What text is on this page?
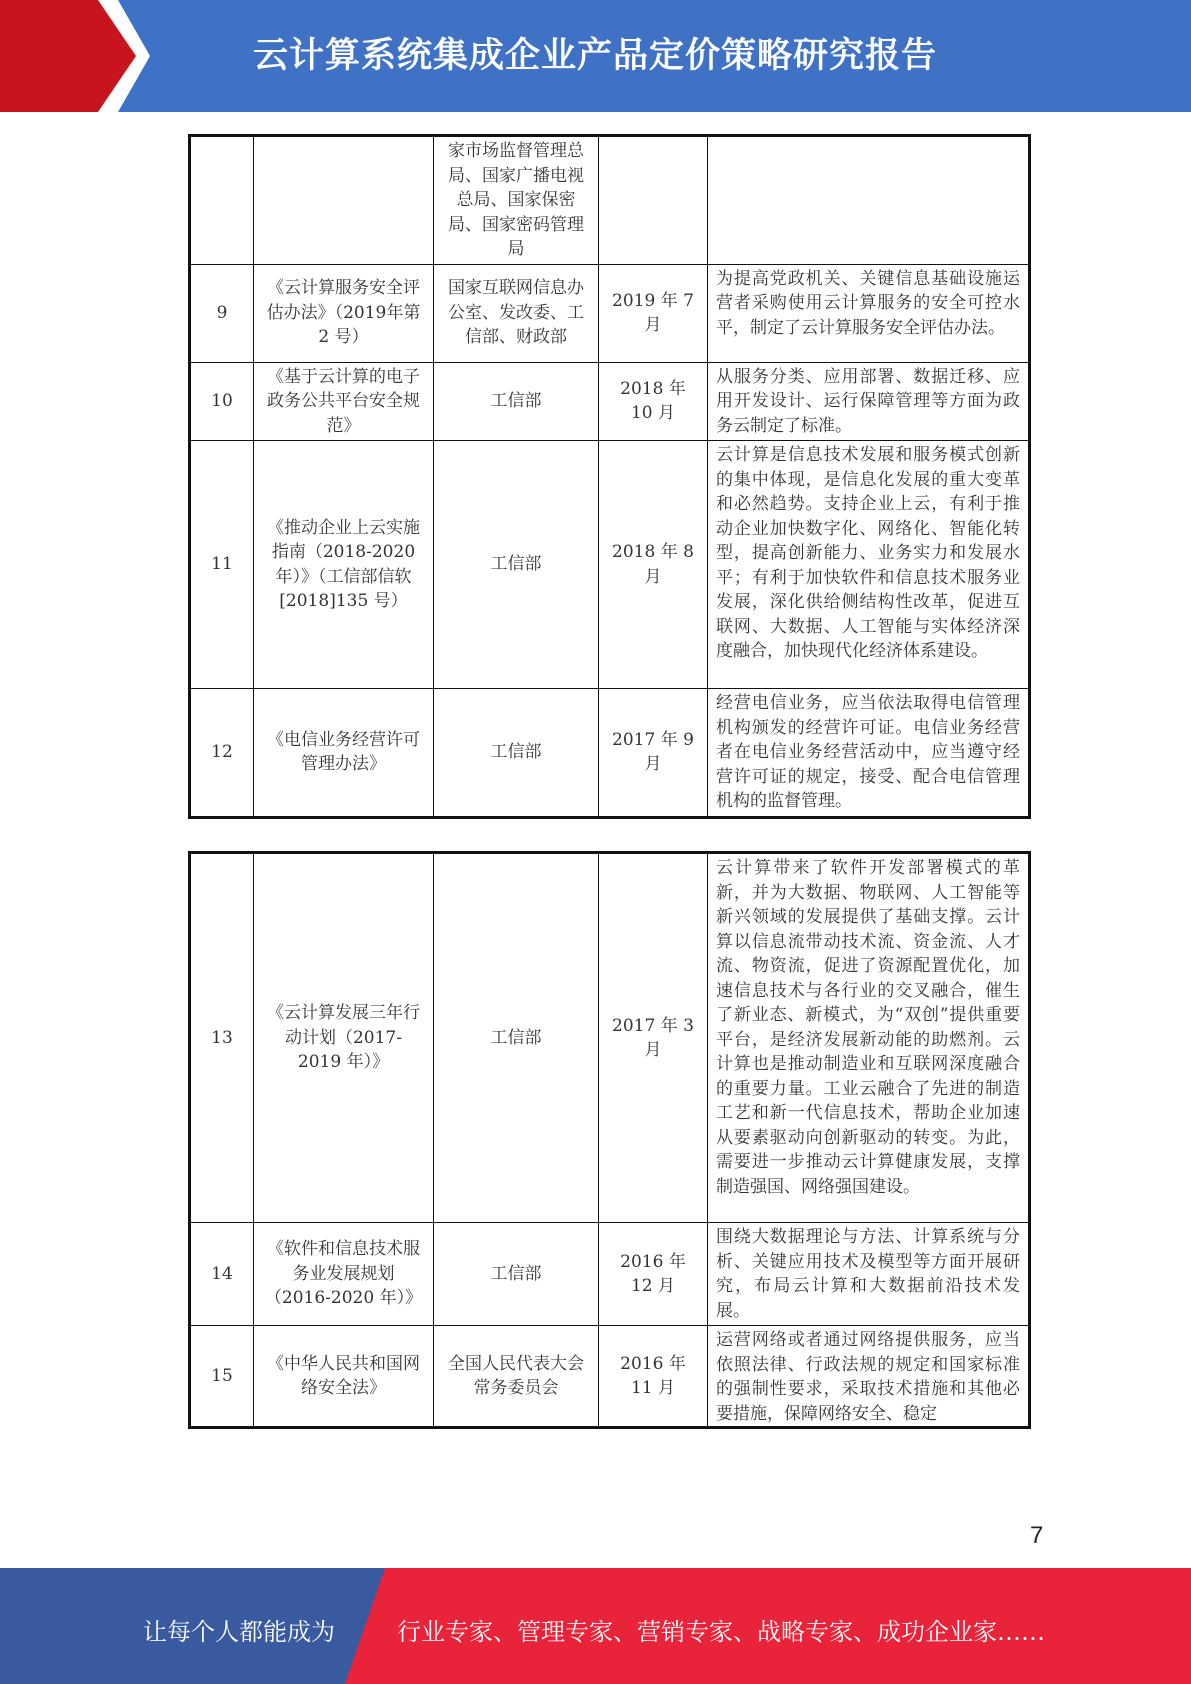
云计算系统集成企业产品定价策略研究报告
		家市场监督管理总局、国家广播电视总局、国家保密局、国家密码管理局		
9	《云计算服务安全评估办法》（2019年第 2 号）	国家互联网信息办公室、发改委、工信部、财政部	2019 年 7 月	为提高党政机关、关键信息基础设施运营者采购使用云计算服务的安全可控水平，制定了云计算服务安全评估办法。
10	《基于云计算的电子政务公共平台安全规范》	工信部	2018 年 10 月	从服务分类、应用部署、数据迁移、应用开发设计、运行保障管理等方面为政务云制定了标准。
11	《推动企业上云实施指南（2018-2020 年）》（工信部信软[2018]135 号）	工信部	2018 年 8 月	云计算是信息技术发展和服务模式创新的集中体现，是信息化发展的重大变革和必然趋势。支持企业上云，有利于推动企业加快数字化、网络化、智能化转型，提高创新能力、业务实力和发展水平；有利于加快软件和信息技术服务业发展，深化供给侧结构性改革，促进互联网、大数据、人工智能与实体经济深度融合，加快现代化经济体系建设。
12	《电信业务经营许可管理办法》	工信部	2017 年 9 月	经营电信业务，应当依法取得电信管理机构颁发的经营许可证。电信业务经营者在电信业务经营活动中，应当遵守经营许可证的规定，接受、配合电信管理机构的监督管理。
13	《云计算发展三年行动计划（2017-2019 年）》	工信部	2017 年 3 月	云计算带来了软件开发部署模式的革新，并为大数据、物联网、人工智能等新兴领域的发展提供了基础支撑。云计算以信息流带动技术流、资金流、人才流、物资流，促进了资源配置优化，加速信息技术与各行业的交叉融合，催生了新业态、新模式，为“双创”提供重要平台，是经济发展新动能的助燃剂。云计算也是推动制造业和互联网深度融合的重要力量。工业云融合了先进的制造工艺和新一代信息技术，帮助企业加速从要素驱动向创新驱动的转变。为此，需要进一步推动云计算健康发展，支撑制造强国、网络强国建设。
14	《软件和信息技术服务业发展规划（2016-2020 年）》	工信部	2016 年 12 月	围绕大数据理论与方法、计算系统与分析、关键应用技术及模型等方面开展研究，布局云计算和大数据前沿技术发展。
15	《中华人民共和国网络安全法》	全国人民代表大会常务委员会	2016 年 11 月	运营网络或者通过网络提供服务，应当依照法律、行政法规的规定和国家标准的强制性要求，采取技术措施和其他必要措施，保障网络安全、稳定
7
让每个人都能成为	行业专家、管理专家、营销专家、战略专家、成功企业家……
